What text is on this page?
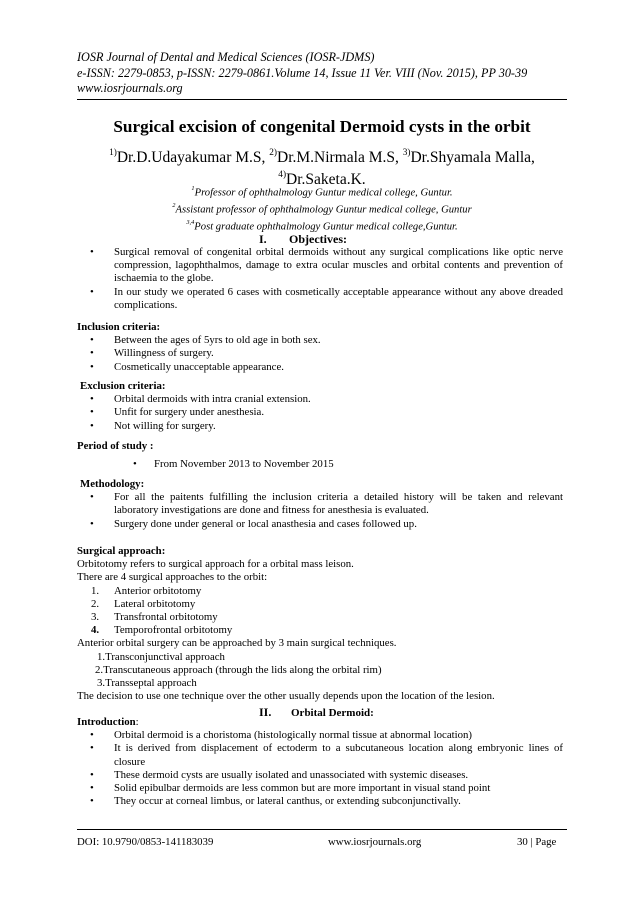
IOSR Journal of Dental and Medical Sciences (IOSR-JDMS)
e-ISSN: 2279-0853, p-ISSN: 2279-0861.Volume 14, Issue 11 Ver. VIII (Nov. 2015), PP 30-39
www.iosrjournals.org
Surgical excision of congenital Dermoid cysts in the orbit
$^{1)}$Dr.D.Udayakumar M.S, $^{2)}$Dr.M.Nirmala M.S, $^{3)}$Dr.Shyamala Malla,
$^{4)}$Dr.Saketa.K.
$^1$Professor of ophthalmology Guntur medical college, Guntur.
$^2$Assistant professor of ophthalmology Guntur medical college, Guntur
$^{3,4}$Post graduate ophthalmology Guntur medical college,Guntur.
I. Objectives:
• Surgical removal of congenital orbital dermoids without any surgical complications like optic nerve compression, lagophthalmos, damage to extra ocular muscles and orbital contents and prevention of ischaemia to the globe.
• In our study we operated 6 cases with cosmetically acceptable appearance without any above dreaded complications.
Inclusion criteria:
• Between the ages of 5yrs to old age in both sex.
• Willingness of surgery.
• Cosmetically unacceptable appearance.
Exclusion criteria:
• Orbital dermoids with intra cranial extension.
• Unfit for surgery under anesthesia.
• Not willing for surgery.
Period of study :
• From November 2013 to November 2015
Methodology:
• For all the paitents fulfilling the inclusion criteria a detailed history will be taken and relevant laboratory investigations are done and fitness for anesthesia is evaluated.
• Surgery done under general or local anasthesia and cases followed up.
Surgical approach:
Orbitotomy refers to surgical approach for a orbital mass leison.
There are 4 surgical approaches to the orbit:
1. Anterior orbitotomy
2. Lateral orbitotomy
3. Transfrontal orbitotomy
4. Temporofrontal orbitotomy
Anterior orbital surgery can be approached by 3 main surgical techniques.
1.Transconjunctival approach
2.Transcutaneous approach (through the lids along the orbital rim)
3.Transseptal approach
The decision to use one technique over the other usually depends upon the location of the lesion.
II. Orbital Dermoid:
Introduction:
• Orbital dermoid is a choristoma (histologically normal tissue at abnormal location)
• It is derived from displacement of ectoderm to a subcutaneous location along embryonic lines of closure
• These dermoid cysts are usually isolated and unassociated with systemic diseases.
• Solid epibulbar dermoids are less common but are more important in visual stand point
• They occur at corneal limbus, or lateral canthus, or extending subconjunctivally.
DOI: 10.9790/0853-141183039	www.iosrjournals.org	30 | Page
